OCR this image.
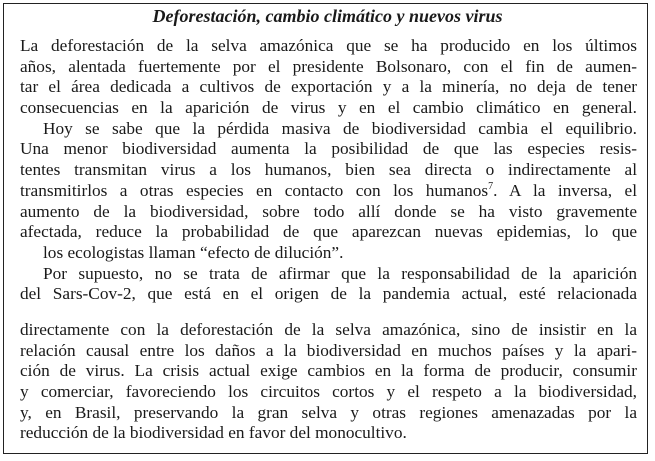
Deforestación, cambio climático y nuevos virus
La deforestación de la selva amazónica que se ha producido en los últimos
años, alentada fuertemente por el presidente Bolsonaro, con el fin de aumen-
tar el área dedicada a cultivos de exportación y a la minería, no deja de tener
consecuencias en la aparición de virus y en el cambio climático en general.
Hoy se sabe que la pérdida masiva de biodiversidad cambia el equilibrio.
Una menor biodiversidad aumenta la posibilidad de que las especies resis-
tentes transmitan virus a los humanos, bien sea directa o indirectamente al
transmitirlos a otras especies en contacto con los humanos$^7$. A la inversa, el
aumento de la biodiversidad, sobre todo allí donde se ha visto gravemente
afectada, reduce la probabilidad de que aparezcan nuevas epidemias, lo que
los ecologistas llaman “efecto de dilución”.
Por supuesto, no se trata de afirmar que la responsabilidad de la aparición
del Sars-Cov-2, que está en el origen de la pandemia actual, esté relacionada
directamente con la deforestación de la selva amazónica, sino de insistir en la
relación causal entre los daños a la biodiversidad en muchos países y la apari-
ción de virus. La crisis actual exige cambios en la forma de producir, consumir
y comerciar, favoreciendo los circuitos cortos y el respeto a la biodiversidad,
y, en Brasil, preservando la gran selva y otras regiones amenazadas por la
reducción de la biodiversidad en favor del monocultivo.
